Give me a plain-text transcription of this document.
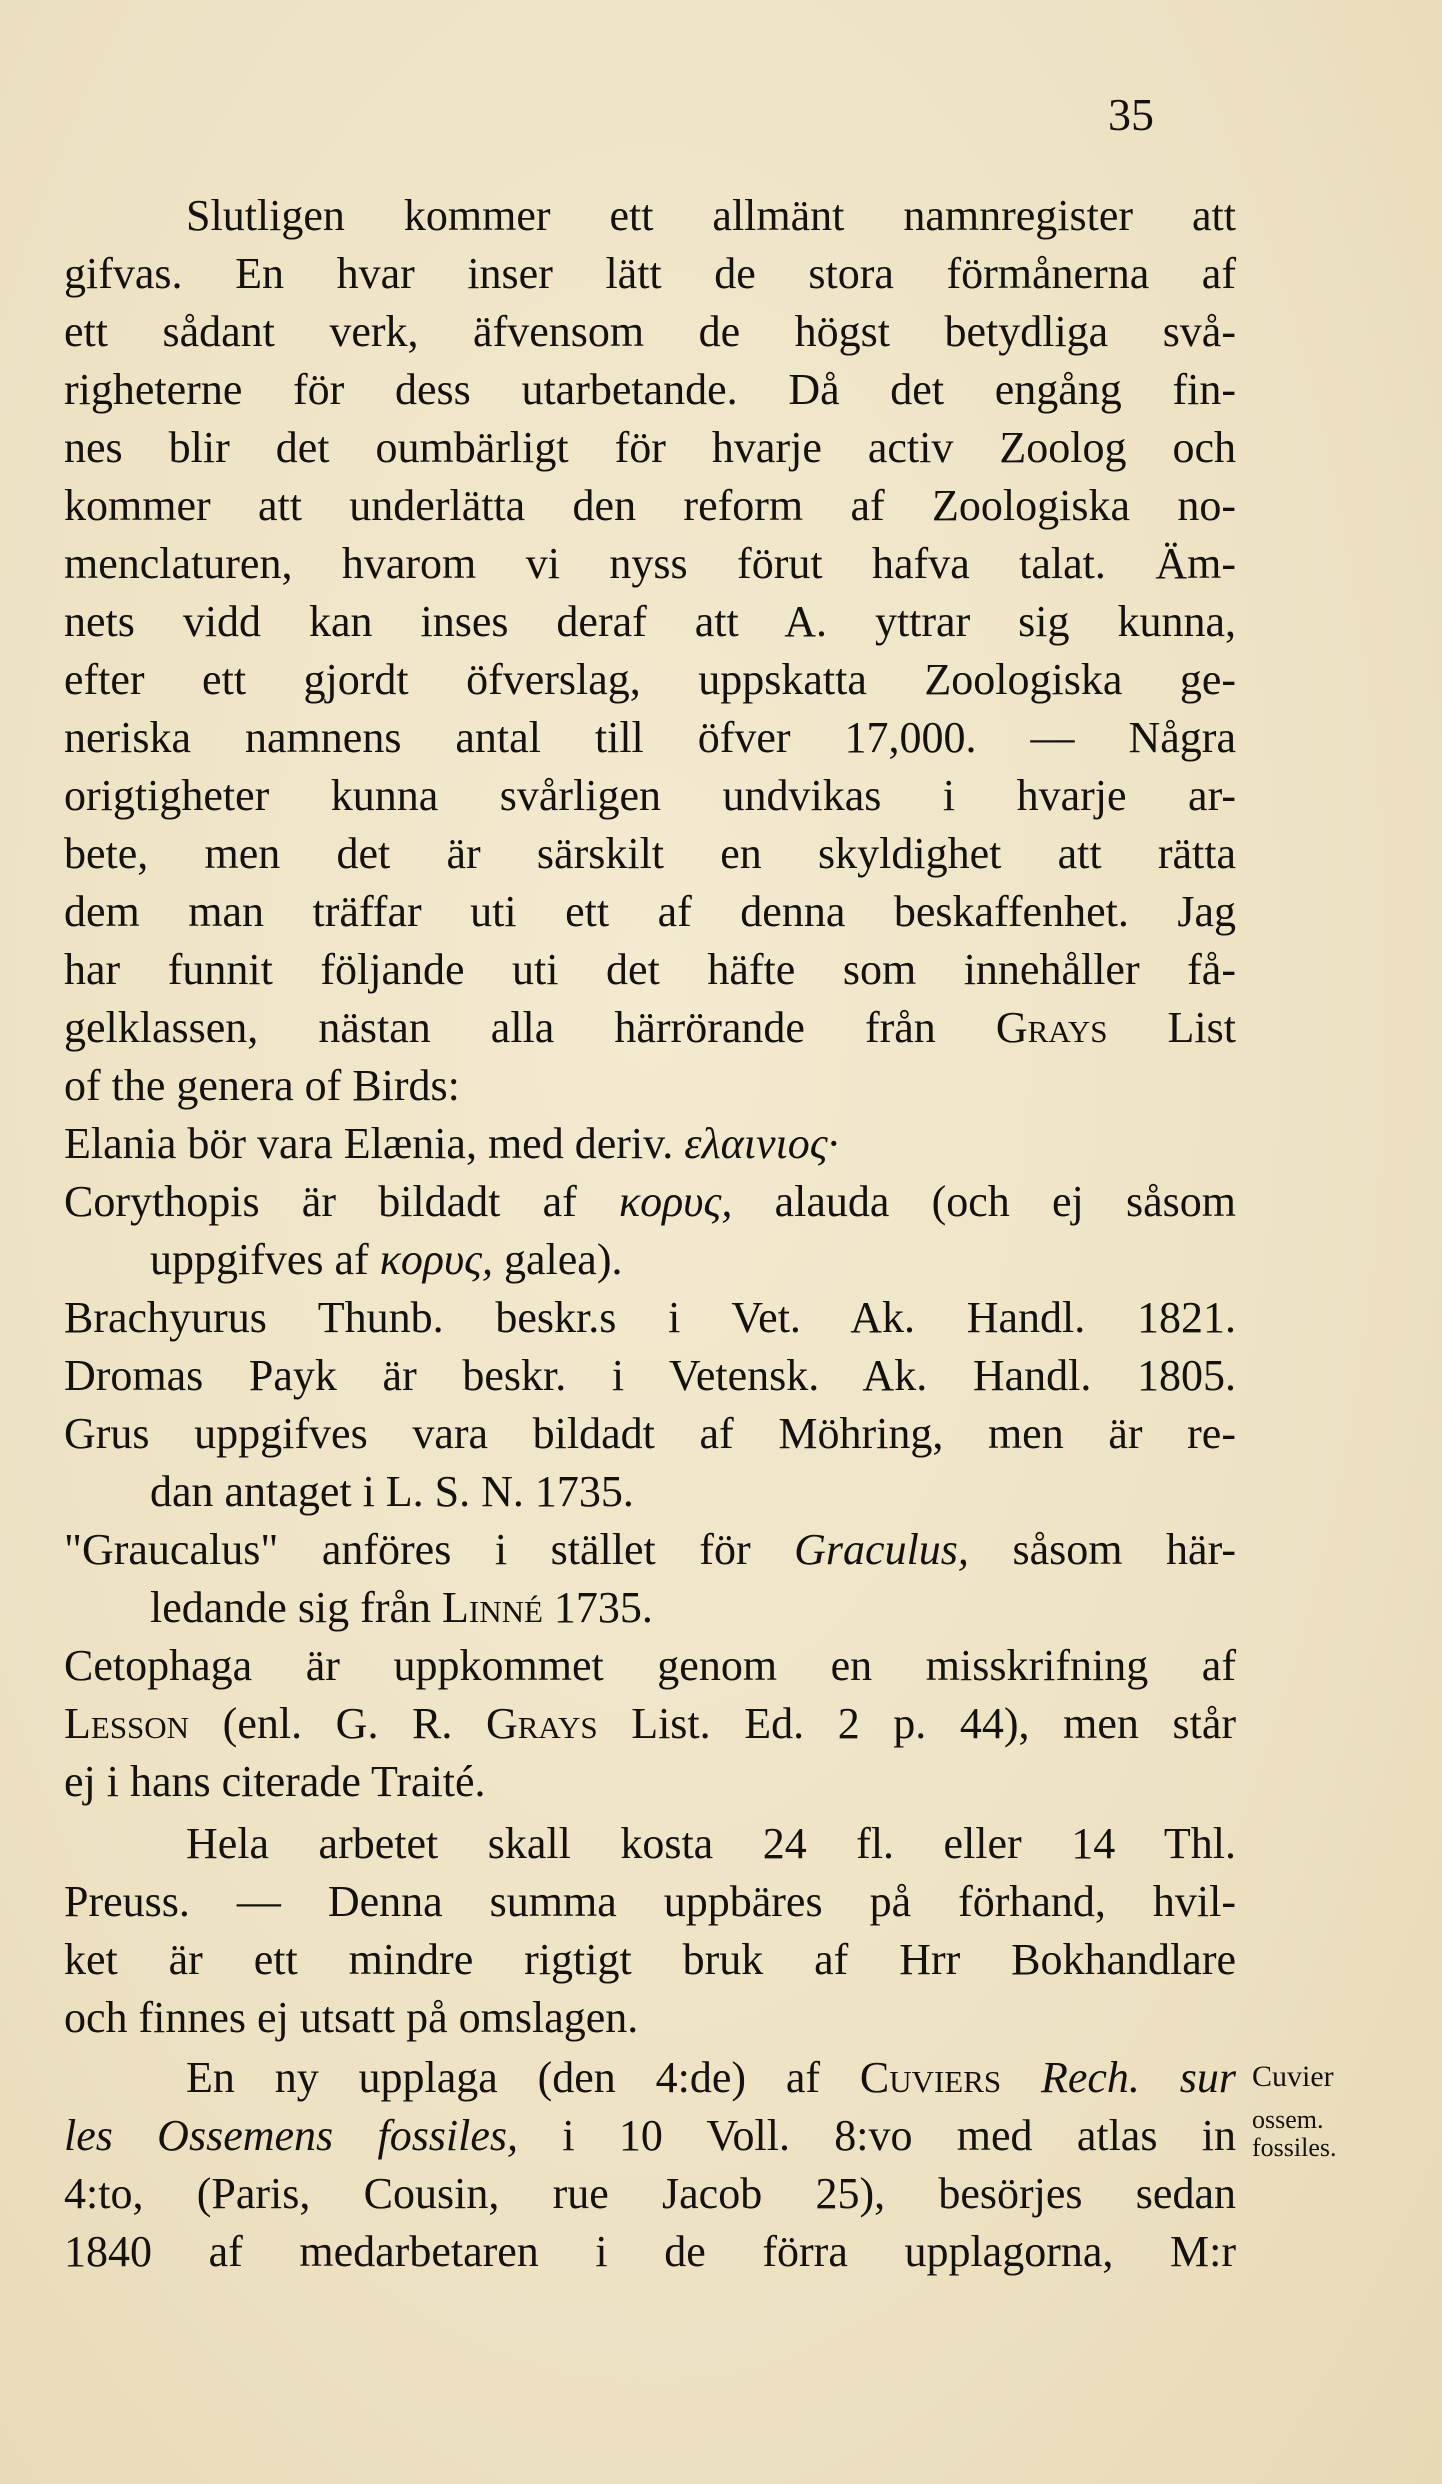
35
Slutligen kommer ett allmänt namnregister att
gifvas. En hvar inser lätt de stora förmånerna af
ett sådant verk, äfvensom de högst betydliga svå-
righeterne för dess utarbetande. Då det engång fin-
nes blir det oumbärligt för hvarje activ Zoolog och
kommer att underlätta den reform af Zoologiska no-
menclaturen, hvarom vi nyss förut hafva talat. Äm-
nets vidd kan inses deraf att A. yttrar sig kunna,
efter ett gjordt öfverslag, uppskatta Zoologiska ge-
neriska namnens antal till öfver 17,000. — Några
origtigheter kunna svårligen undvikas i hvarje ar-
bete, men det är särskilt en skyldighet att rätta
dem man träffar uti ett af denna beskaffenhet. Jag
har funnit följande uti det häfte som innehåller få-
gelklassen, nästan alla härrörande från Grays List
of the genera of Birds:
Elania bör vara Elænia, med deriv. ελαινιος·
Corythopis är bildadt af κορυς, alauda (och ej såsom
uppgifves af κορυς, galea).
Brachyurus Thunb. beskr.s i Vet. Ak. Handl. 1821.
Dromas Payk är beskr. i Vetensk. Ak. Handl. 1805.
Grus uppgifves vara bildadt af Möhring, men är re-
dan antaget i L. S. N. 1735.
"Graucalus" anföres i stället för Graculus, såsom här-
ledande sig från Linné 1735.
Cetophaga är uppkommet genom en misskrifning af
Lesson (enl. G. R. Grays List. Ed. 2 p. 44), men står
ej i hans citerade Traité.
Hela arbetet skall kosta 24 fl. eller 14 Thl.
Preuss. — Denna summa uppbäres på förhand, hvil-
ket är ett mindre rigtigt bruk af Hrr Bokhandlare
och finnes ej utsatt på omslagen.
En ny upplaga (den 4:de) af Cuviers Rech. sur
les Ossemens fossiles, i 10 Voll. 8:vo med atlas in
4:to, (Paris, Cousin, rue Jacob 25), besörjes sedan
1840 af medarbetaren i de förra upplagorna, M:r
Cuvier
ossem.
fossiles.
